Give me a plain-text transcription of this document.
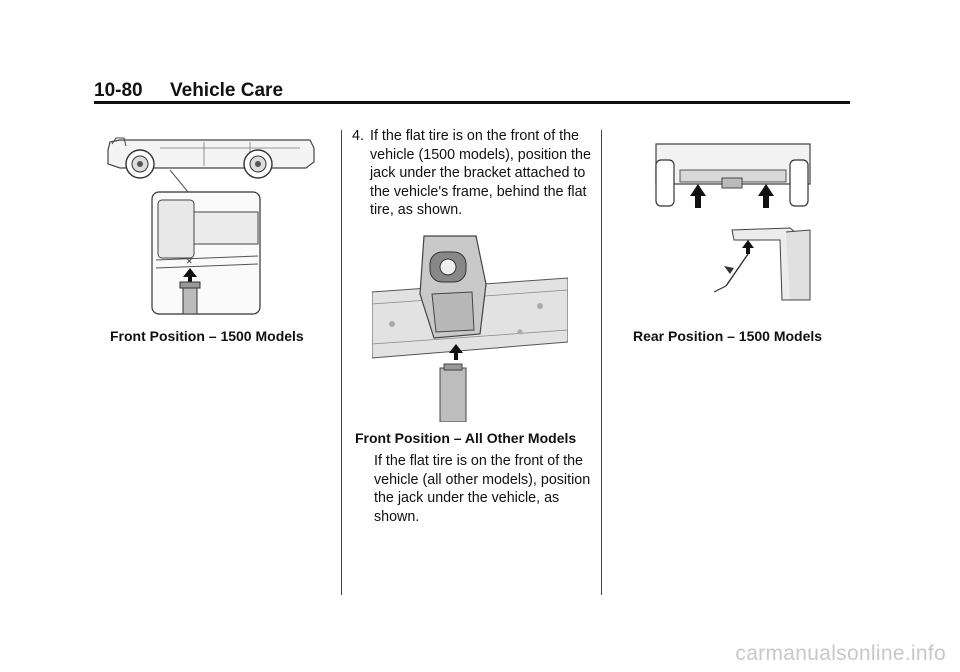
10-80	Vehicle Care
✕
Front Position – 1500 Models
4. If the flat tire is on the front of the vehicle (1500 models), position the jack under the bracket attached to the vehicle's frame, behind the flat tire, as shown.
Front Position – All Other Models
If the flat tire is on the front of the vehicle (all other models), position the jack under the vehicle, as shown.
Rear Position – 1500 Models
carmanualsonline.info
